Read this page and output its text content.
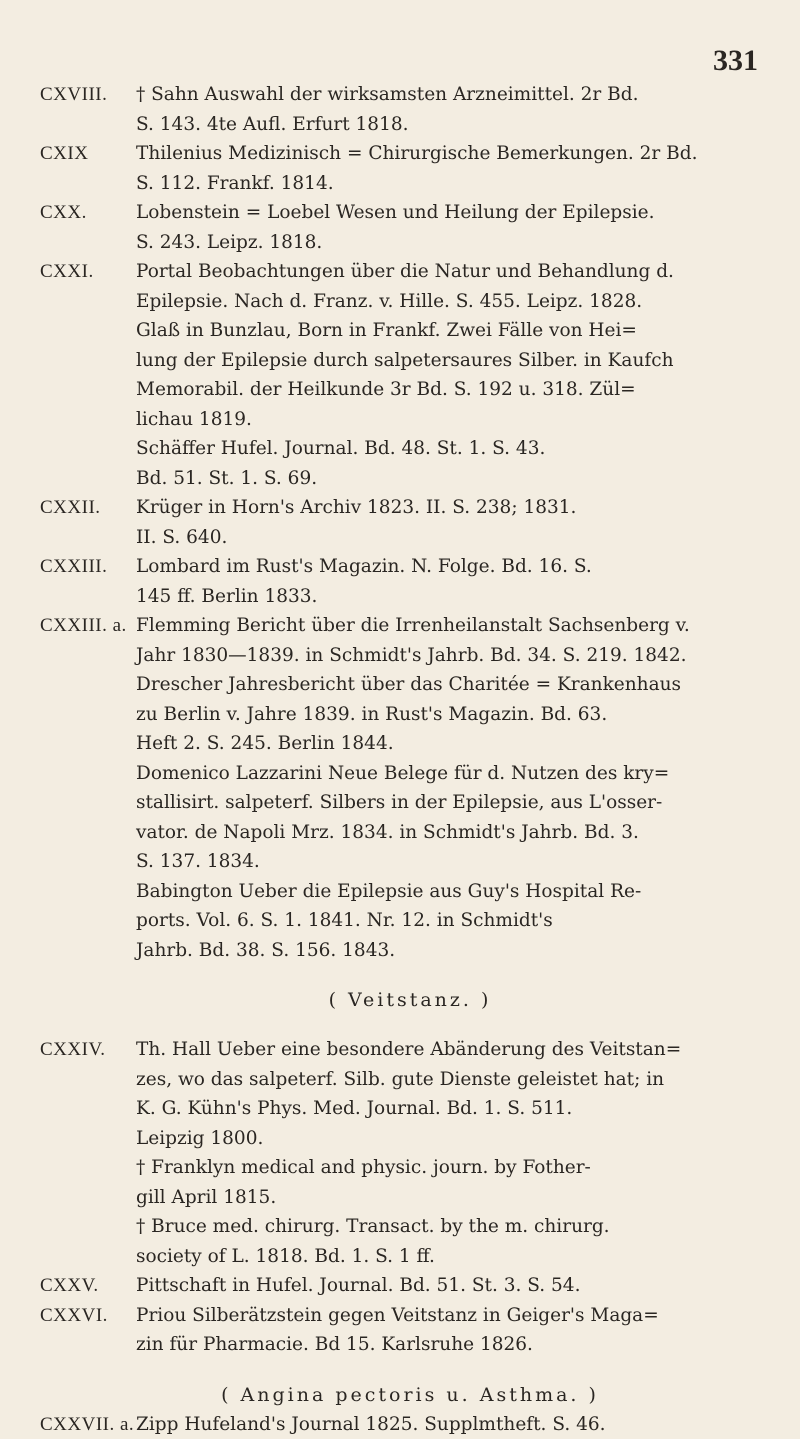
331
CXVIII.	† Sahn Auswahl der wirksamsten Arzneimittel. 2r Bd.
S. 143. 4te Aufl. Erfurt 1818.
CXIX	Thilenius Medizinisch = Chirurgische Bemerkungen. 2r Bd.
S. 112. Frankf. 1814.
CXX.	Lobenstein = Loebel Wesen und Heilung der Epilepsie.
S. 243. Leipz. 1818.
CXXI.	Portal Beobachtungen über die Natur und Behandlung d.
Epilepsie. Nach d. Franz. v. Hille. S. 455. Leipz. 1828.
Glaß in Bunzlau, Born in Frankf. Zwei Fälle von Hei=
lung der Epilepsie durch salpetersaures Silber. in Kaufch
Memorabil. der Heilkunde 3r Bd. S. 192 u. 318. Zül=
lichau 1819.
Schäffer Hufel. Journal. Bd. 48. St. 1. S. 43.
Bd. 51. St. 1. S. 69.
CXXII.	Krüger in Horn's Archiv 1823. II. S. 238; 1831.
II. S. 640.
CXXIII.	Lombard im Rust's Magazin. N. Folge. Bd. 16. S.
145 ff. Berlin 1833.
CXXIII. a. Flemming Bericht über die Irrenheilanstalt Sachsenberg v.
Jahr 1830—1839. in Schmidt's Jahrb. Bd. 34. S. 219. 1842.
Drescher Jahresbericht über das Charitée = Krankenhaus
zu Berlin v. Jahre 1839. in Rust's Magazin. Bd. 63.
Heft 2. S. 245. Berlin 1844.
Domenico Lazzarini Neue Belege für d. Nutzen des kry=
stallisirt. salpeterf. Silbers in der Epilepsie, aus L'osser-
vator. de Napoli Mrz. 1834. in Schmidt's Jahrb. Bd. 3.
S. 137. 1834.
Babington Ueber die Epilepsie aus Guy's Hospital Re-
ports. Vol. 6. S. 1. 1841. Nr. 12. in Schmidt's
Jahrb. Bd. 38. S. 156. 1843.
( Veitstanz. )
CXXIV.	Th. Hall Ueber eine besondere Abänderung des Veitstan=
zes, wo das salpeterf. Silb. gute Dienste geleistet hat; in
K. G. Kühn's Phys. Med. Journal. Bd. 1. S. 511.
Leipzig 1800.
† Franklyn medical and physic. journ. by Fother-
gill April 1815.
† Bruce med. chirurg. Transact. by the m. chirurg.
society of L. 1818. Bd. 1. S. 1 ff.
CXXV.	Pittschaft in Hufel. Journal. Bd. 51. St. 3. S. 54.
CXXVI.	Priou Silberätzstein gegen Veitstanz in Geiger's Maga=
zin für Pharmacie. Bd 15. Karlsruhe 1826.
( Angina pectoris u. Asthma. )
CXXVII. a. Zipp Hufeland's Journal 1825. Supplmtheft. S. 46.
